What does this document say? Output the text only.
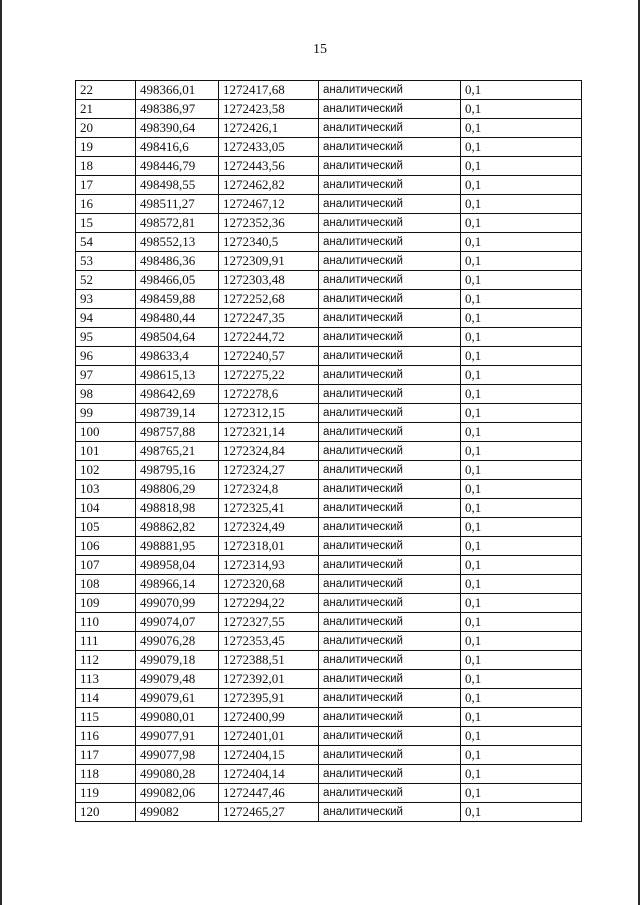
15
22	498366,01	1272417,68	аналитический	0,1
21	498386,97	1272423,58	аналитический	0,1
20	498390,64	1272426,1	аналитический	0,1
19	498416,6	1272433,05	аналитический	0,1
18	498446,79	1272443,56	аналитический	0,1
17	498498,55	1272462,82	аналитический	0,1
16	498511,27	1272467,12	аналитический	0,1
15	498572,81	1272352,36	аналитический	0,1
54	498552,13	1272340,5	аналитический	0,1
53	498486,36	1272309,91	аналитический	0,1
52	498466,05	1272303,48	аналитический	0,1
93	498459,88	1272252,68	аналитический	0,1
94	498480,44	1272247,35	аналитический	0,1
95	498504,64	1272244,72	аналитический	0,1
96	498633,4	1272240,57	аналитический	0,1
97	498615,13	1272275,22	аналитический	0,1
98	498642,69	1272278,6	аналитический	0,1
99	498739,14	1272312,15	аналитический	0,1
100	498757,88	1272321,14	аналитический	0,1
101	498765,21	1272324,84	аналитический	0,1
102	498795,16	1272324,27	аналитический	0,1
103	498806,29	1272324,8	аналитический	0,1
104	498818,98	1272325,41	аналитический	0,1
105	498862,82	1272324,49	аналитический	0,1
106	498881,95	1272318,01	аналитический	0,1
107	498958,04	1272314,93	аналитический	0,1
108	498966,14	1272320,68	аналитический	0,1
109	499070,99	1272294,22	аналитический	0,1
110	499074,07	1272327,55	аналитический	0,1
111	499076,28	1272353,45	аналитический	0,1
112	499079,18	1272388,51	аналитический	0,1
113	499079,48	1272392,01	аналитический	0,1
114	499079,61	1272395,91	аналитический	0,1
115	499080,01	1272400,99	аналитический	0,1
116	499077,91	1272401,01	аналитический	0,1
117	499077,98	1272404,15	аналитический	0,1
118	499080,28	1272404,14	аналитический	0,1
119	499082,06	1272447,46	аналитический	0,1
120	499082	1272465,27	аналитический	0,1
